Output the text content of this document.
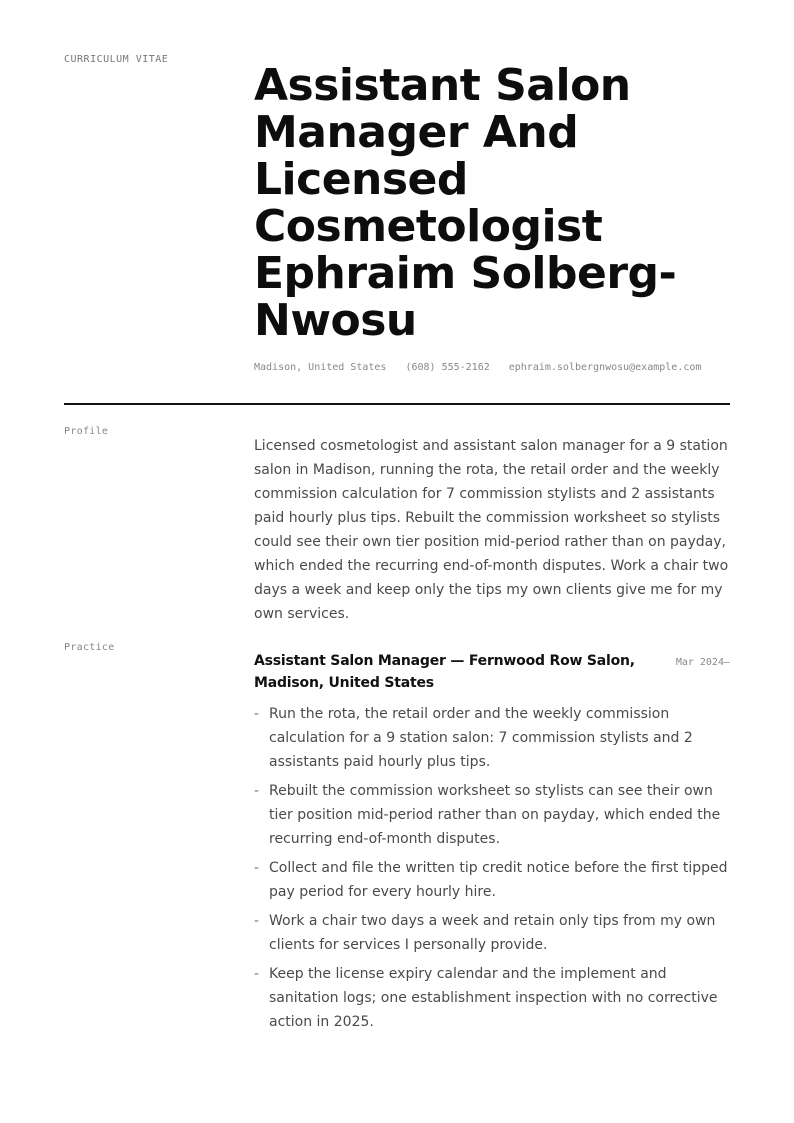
CURRICULUM VITAE
Assistant Salon Manager And Licensed Cosmetologist Ephraim Solberg-Nwosu
Madison, United States (608) 555-2162 ephraim.solbergnwosu@example.com
Profile

Licensed cosmetologist and assistant salon manager for a 9 station salon in Madison, running the rota, the retail order and the weekly commission calculation for 7 commission stylists and 2 assistants paid hourly plus tips. Rebuilt the commission worksheet so stylists could see their own tier position mid-period rather than on payday, which ended the recurring end-of-month disputes. Work a chair two days a week and keep only the tips my own clients give me for my own services.

Practice
Assistant Salon Manager — Fernwood Row Salon, Madison, United States
Mar 2024–
- Run the rota, the retail order and the weekly commission calculation for a 9 station salon: 7 commission stylists and 2 assistants paid hourly plus tips.
- Rebuilt the commission worksheet so stylists can see their own tier position mid-period rather than on payday, which ended the recurring end-of-month disputes.
- Collect and file the written tip credit notice before the first tipped pay period for every hourly hire.
- Work a chair two days a week and retain only tips from my own clients for services I personally provide.
- Keep the license expiry calendar and the implement and sanitation logs; one establishment inspection with no corrective action in 2025.
